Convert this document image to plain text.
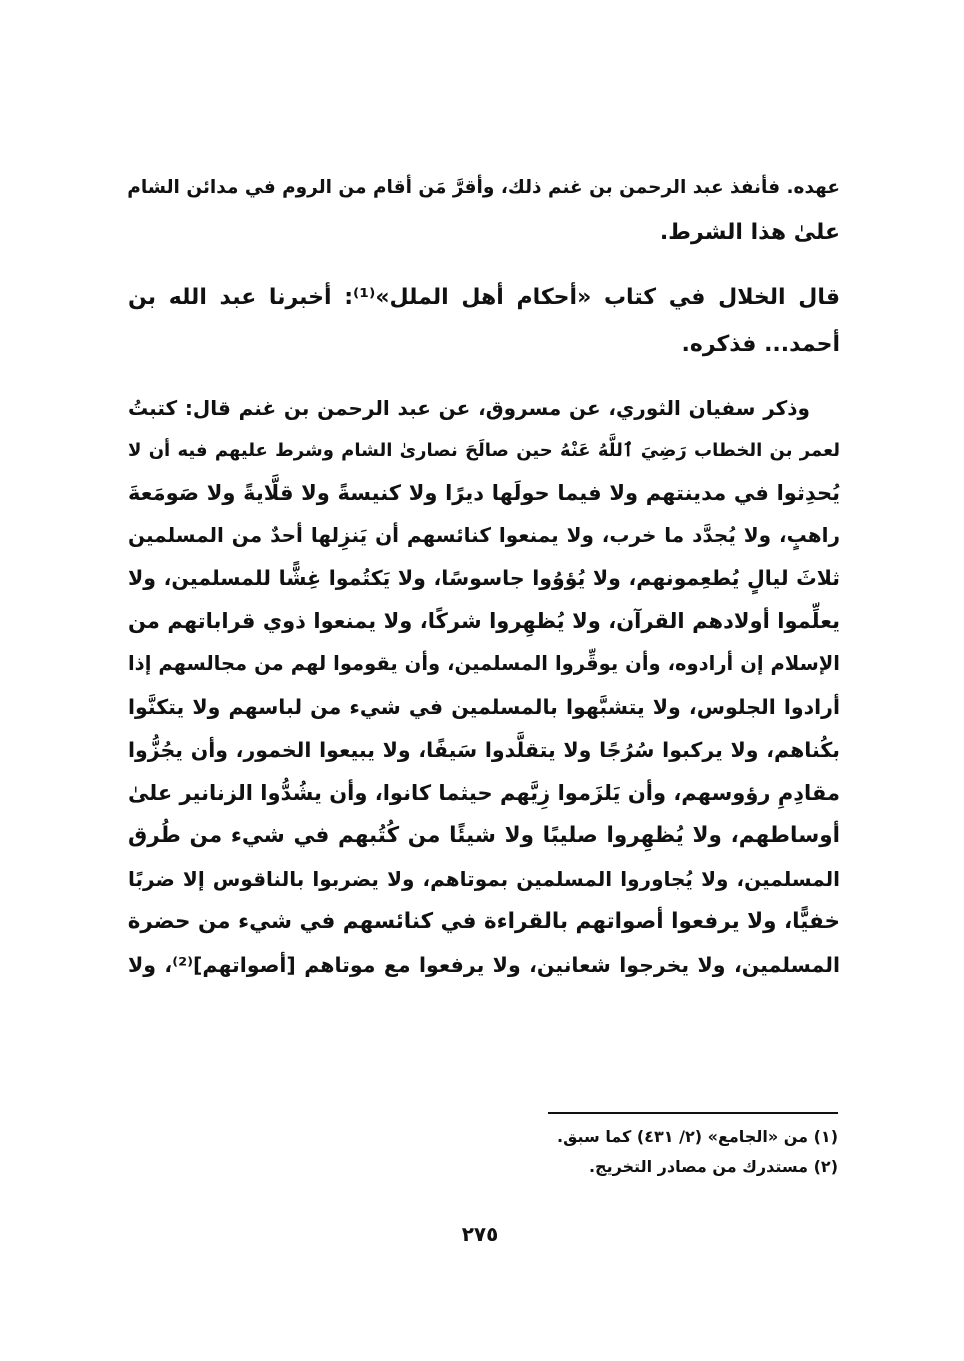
عهده. فأنفذ عبد الرحمن بن غنم ذلك، وأقرَّ مَن أقام من الروم في مدائن الشام
علىٰ هذا الشرط.
قال الخلال في كتاب «أحكام أهل الملل»⁽¹⁾: أخبرنا عبد الله بن
أحمد... فذكره.
وذكر سفيان الثوري، عن مسروق، عن عبد الرحمن بن غنم قال: كتبتُ
لعمر بن الخطاب رَضِيَ ٱللَّهُ عَنْهُ حين صالَحَ نصارىٰ الشام وشرط عليهم فيه أن لا
يُحدِثوا في مدينتهم ولا فيما حولَها ديرًا ولا كنيسةً ولا قلَّايةً ولا صَومَعةَ
راهبٍ، ولا يُجدَّد ما خرب، ولا يمنعوا كنائسهم أن يَنزِلها أحدٌ من المسلمين
ثلاثَ ليالٍ يُطعِمونهم، ولا يُؤوُوا جاسوسًا، ولا يَكتُموا غِشًّا للمسلمين، ولا
يعلِّموا أولادهم القرآن، ولا يُظهِروا شركًا، ولا يمنعوا ذوي قراباتهم من
الإسلام إن أرادوه، وأن يوقِّروا المسلمين، وأن يقوموا لهم من مجالسهم إذا
أرادوا الجلوس، ولا يتشبَّهوا بالمسلمين في شيء من لباسهم ولا يتكنَّوا
بكُناهم، ولا يركبوا سُرُجًا ولا يتقلَّدوا سَيفًا، ولا يبيعوا الخمور، وأن يجُزُّوا
مقادِمِ رؤوسهم، وأن يَلزَموا زِيَّهم حيثما كانوا، وأن يشُدُّوا الزنانير علىٰ
أوساطهم، ولا يُظهِروا صليبًا ولا شيئًا من كُتُبهم في شيء من طُرق
المسلمين، ولا يُجاوروا المسلمين بموتاهم، ولا يضربوا بالناقوس إلا ضربًا
خفيًّا، ولا يرفعوا أصواتهم بالقراءة في كنائسهم في شيء من حضرة
المسلمين، ولا يخرجوا شعانين، ولا يرفعوا مع موتاهم [أصواتهم]⁽²⁾، ولا
(١) من «الجامع» (٢/ ٤٣١) كما سبق.
(٢) مستدرك من مصادر التخريج.
٢٧٥
